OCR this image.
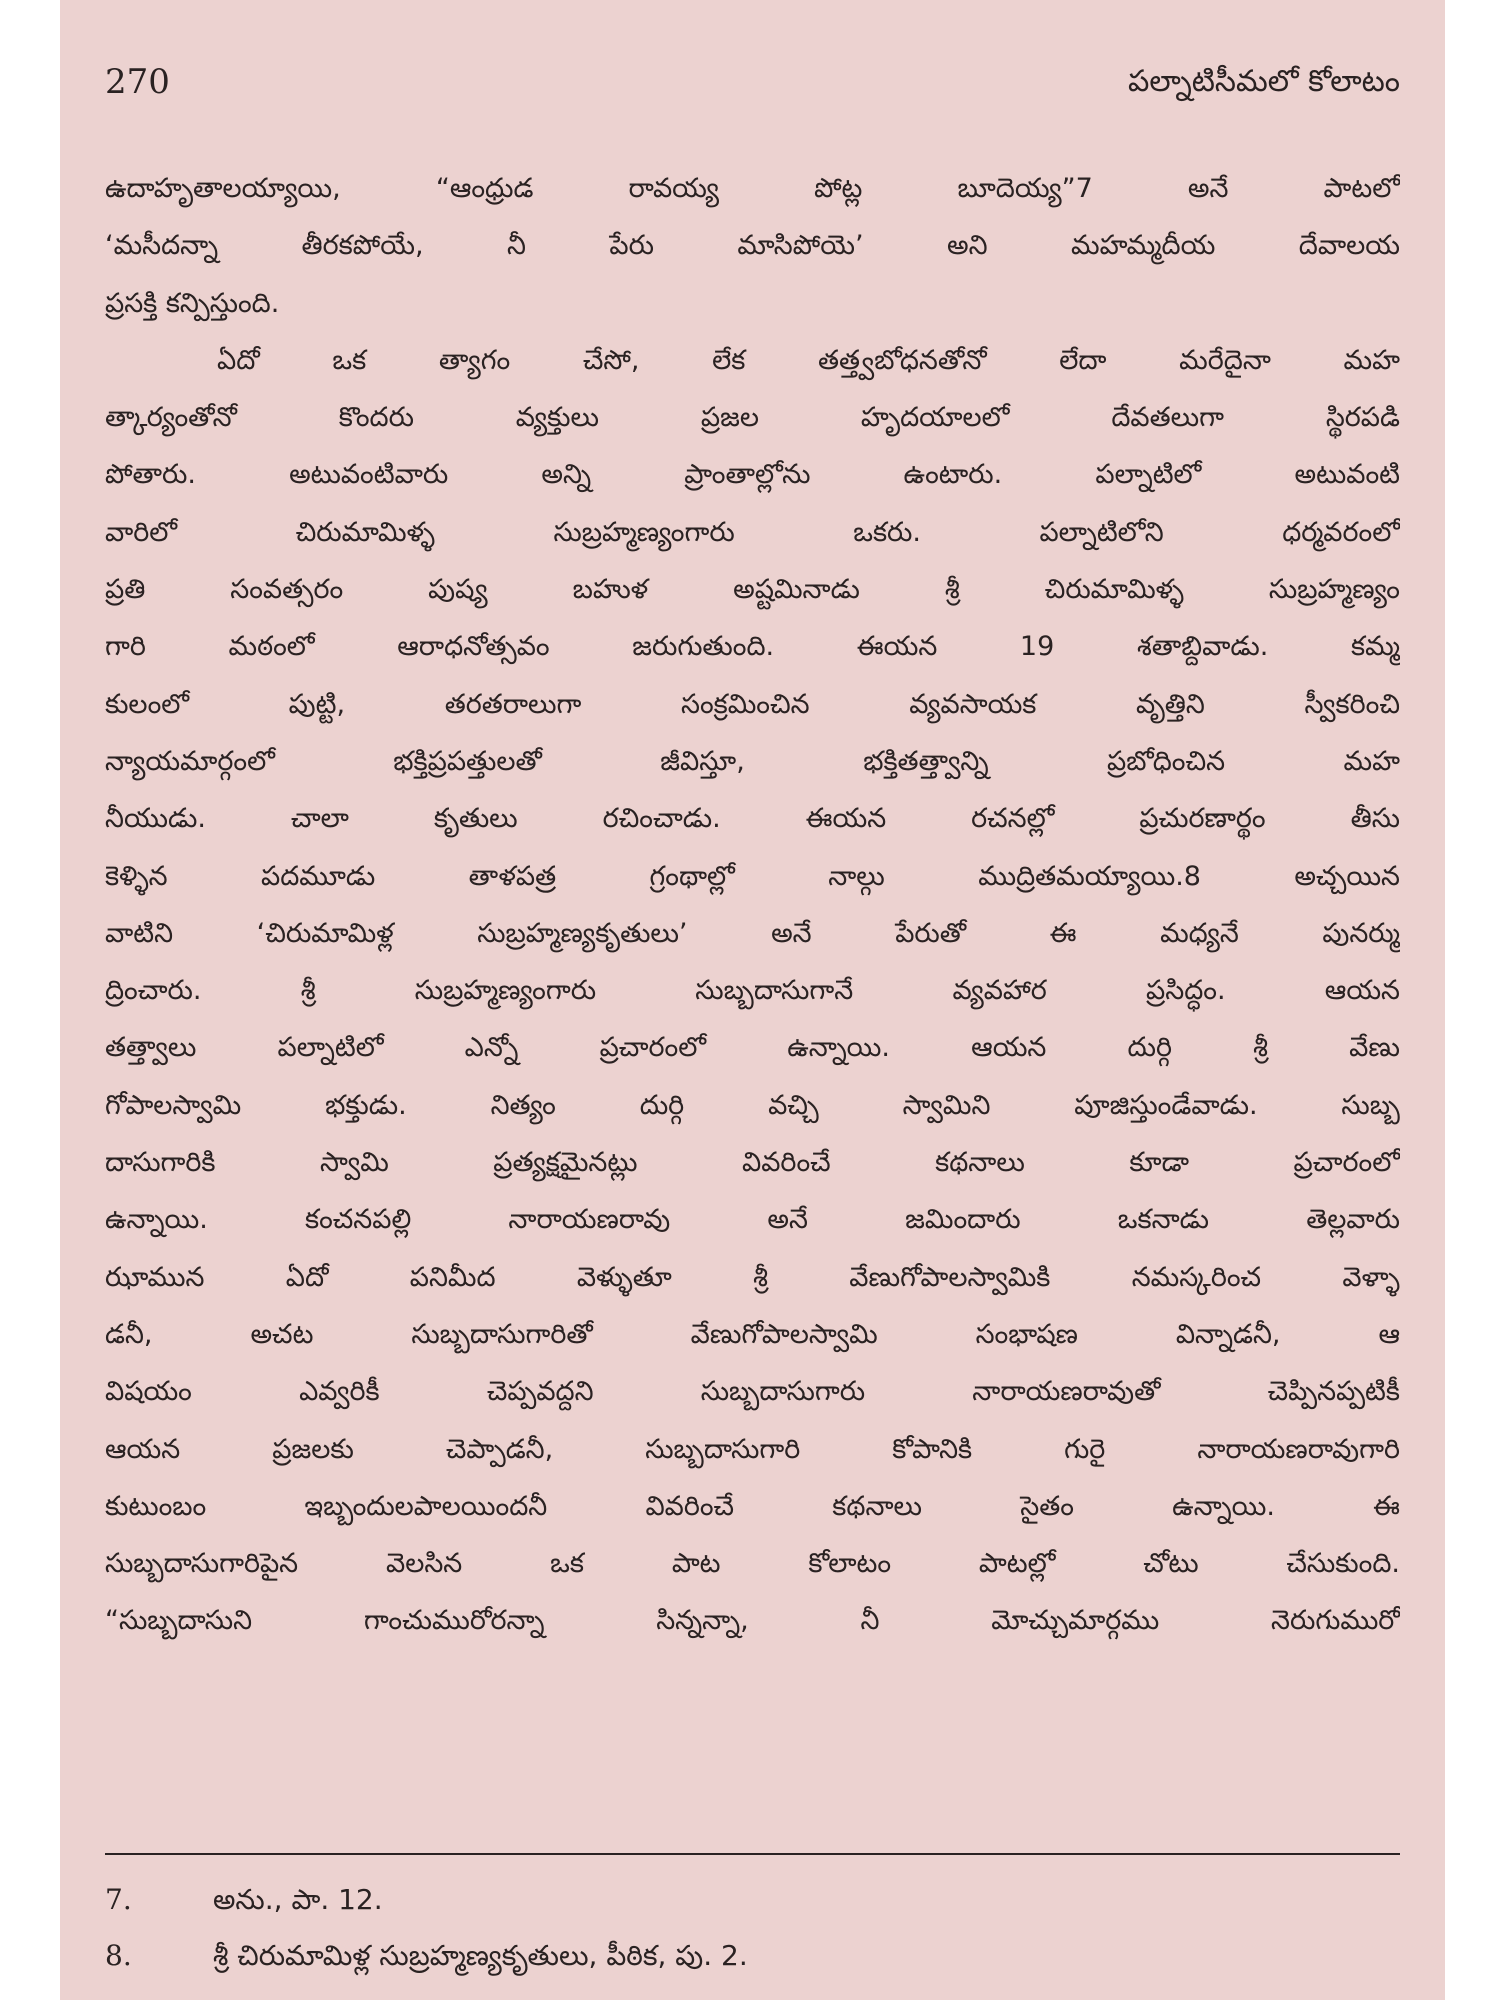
270	పల్నాటిసీమలో కోలాటం
ఉదాహృతాలయ్యాయి, “ఆంధ్రుడ రావయ్య పోట్ల బూదెయ్య”7 అనే పాటలో
‘మసీదన్నా తీరకపోయే, నీ పేరు మాసిపోయె’ అని మహమ్మదీయ దేవాలయ
ప్రసక్తి కన్పిస్తుంది.
ఏదో ఒక త్యాగం చేసో, లేక తత్త్వబోధనతోనో లేదా మరేదైనా మహ
త్కార్యంతోనో కొందరు వ్యక్తులు ప్రజల హృదయాలలో దేవతలుగా స్థిరపడి
పోతారు. అటువంటివారు అన్ని ప్రాంతాల్లోను ఉంటారు. పల్నాటిలో అటువంటి
వారిలో చిరుమామిళ్ళ సుబ్రహ్మణ్యంగారు ఒకరు. పల్నాటిలోని ధర్మవరంలో
ప్రతి సంవత్సరం పుష్య బహుళ అష్టమినాడు శ్రీ చిరుమామిళ్ళ సుబ్రహ్మణ్యం
గారి మఠంలో ఆరాధనోత్సవం జరుగుతుంది. ఈయన 19 శతాబ్దివాడు. కమ్మ
కులంలో పుట్టి, తరతరాలుగా సంక్రమించిన వ్యవసాయక వృత్తిని స్వీకరించి
న్యాయమార్గంలో భక్తిప్రపత్తులతో జీవిస్తూ, భక్తితత్త్వాన్ని ప్రబోధించిన మహ
నీయుడు. చాలా కృతులు రచించాడు. ఈయన రచనల్లో ప్రచురణార్థం తీసు
కెళ్ళిన పదమూడు తాళపత్ర గ్రంథాల్లో నాల్గు ముద్రితమయ్యాయి.8 అచ్చయిన
వాటిని ‘చిరుమామిళ్ల సుబ్రహ్మణ్యకృతులు’ అనే పేరుతో ఈ మధ్యనే పునర్ము
ద్రించారు. శ్రీ సుబ్రహ్మణ్యంగారు సుబ్బదాసుగానే వ్యవహార ప్రసిద్ధం. ఆయన
తత్త్వాలు పల్నాటిలో ఎన్నో ప్రచారంలో ఉన్నాయి. ఆయన దుర్గి శ్రీ వేణు
గోపాలస్వామి భక్తుడు. నిత్యం దుర్గి వచ్చి స్వామిని పూజిస్తుండేవాడు. సుబ్బ
దాసుగారికి స్వామి ప్రత్యక్షమైనట్లు వివరించే కథనాలు కూడా ప్రచారంలో
ఉన్నాయి. కంచనపల్లి నారాయణరావు అనే జమిందారు ఒకనాడు తెల్లవారు
ఝామున ఏదో పనిమీద వెళ్ళుతూ శ్రీ వేణుగోపాలస్వామికి నమస్కరించ వెళ్ళా
డనీ, అచట సుబ్బదాసుగారితో వేణుగోపాలస్వామి సంభాషణ విన్నాడనీ, ఆ
విషయం ఎవ్వరికీ చెప్పవద్దని సుబ్బదాసుగారు నారాయణరావుతో చెప్పినప్పటికీ
ఆయన ప్రజలకు చెప్పాడనీ, సుబ్బదాసుగారి కోపానికి గురై నారాయణరావుగారి
కుటుంబం ఇబ్బందులపాలయిందనీ వివరించే కథనాలు సైతం ఉన్నాయి. ఈ
సుబ్బదాసుగారిపైన వెలసిన ఒక పాట కోలాటం పాటల్లో చోటు చేసుకుంది.
“సుబ్బదాసుని గాంచుమురోరన్నా సిన్నన్నా, నీ మోచ్చుమార్గము నెరుగుమురో
7.	అను., పా. 12.
8.	శ్రీ చిరుమామిళ్ల సుబ్రహ్మణ్యకృతులు, పీఠిక, పు. 2.
